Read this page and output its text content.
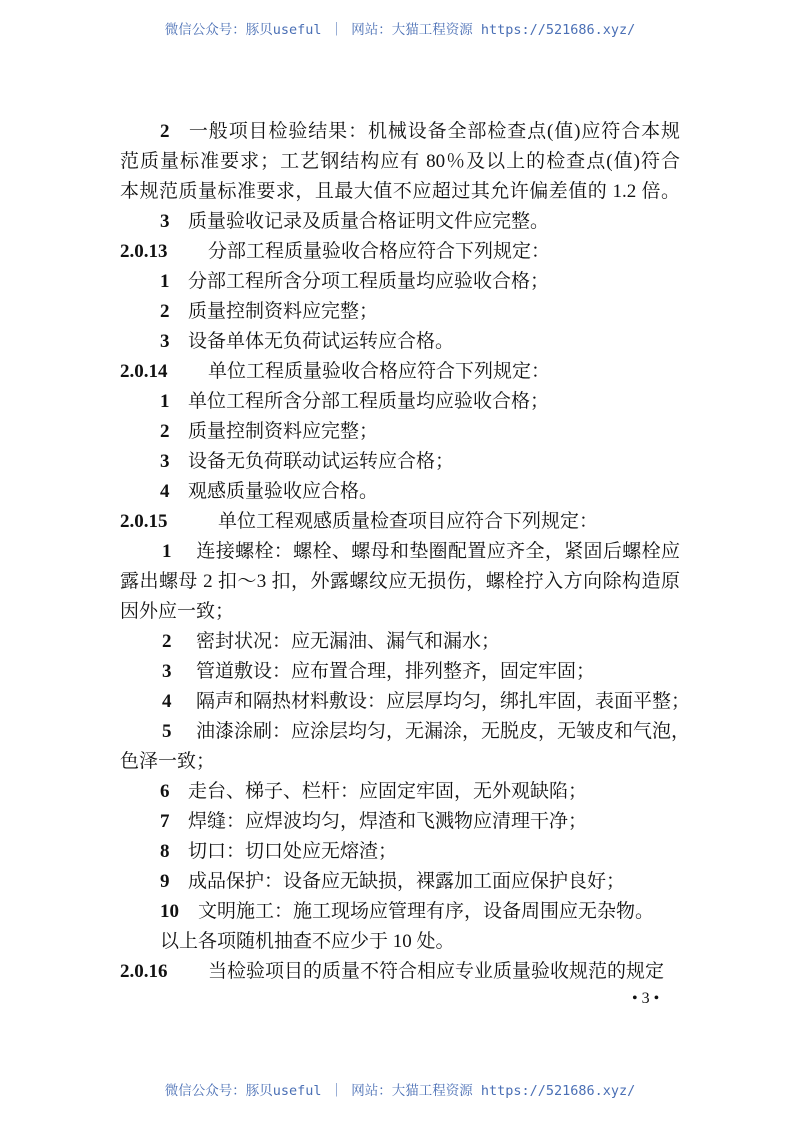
微信公众号：豚贝useful ｜ 网站：大猫工程资源 https://521686.xyz/
2 一般项目检验结果：机械设备全部检查点(值)应符合本规
范质量标准要求；工艺钢结构应有 80％及以上的检查点(值)符合
本规范质量标准要求，且最大值不应超过其允许偏差值的 1.2 倍。
3 质量验收记录及质量合格证明文件应完整。
2.0.13 分部工程质量验收合格应符合下列规定：
1 分部工程所含分项工程质量均应验收合格；
2 质量控制资料应完整；
3 设备单体无负荷试运转应合格。
2.0.14 单位工程质量验收合格应符合下列规定：
1 单位工程所含分部工程质量均应验收合格；
2 质量控制资料应完整；
3 设备无负荷联动试运转应合格；
4 观感质量验收应合格。
2.0.15	单位工程观感质量检查项目应符合下列规定：
1 连接螺栓：螺栓、螺母和垫圈配置应齐全，紧固后螺栓应
露出螺母 2 扣～3 扣，外露螺纹应无损伤，螺栓拧入方向除构造原
因外应一致；
2 密封状况：应无漏油、漏气和漏水；
3 管道敷设：应布置合理，排列整齐，固定牢固；
4 隔声和隔热材料敷设：应层厚均匀，绑扎牢固，表面平整；
5 油漆涂刷：应涂层均匀，无漏涂，无脱皮，无皱皮和气泡，
色泽一致；
6 走台、梯子、栏杆：应固定牢固，无外观缺陷；
7 焊缝：应焊波均匀，焊渣和飞溅物应清理干净；
8 切口：切口处应无熔渣；
9 成品保护：设备应无缺损，裸露加工面应保护良好；
10 文明施工：施工现场应管理有序，设备周围应无杂物。
以上各项随机抽查不应少于 10 处。
2.0.16 当检验项目的质量不符合相应专业质量验收规范的规定
• 3 •
微信公众号：豚贝useful ｜ 网站：大猫工程资源 https://521686.xyz/
